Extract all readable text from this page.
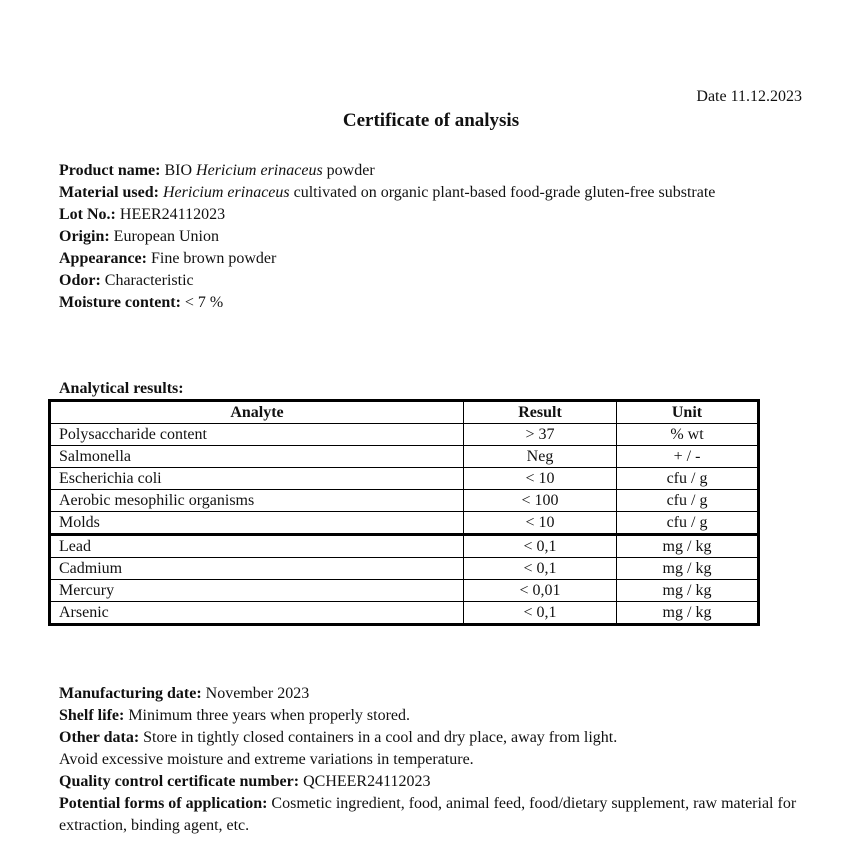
Date 11.12.2023
Certificate of analysis

Product name: BIO Hericium erinaceus powder

Material used: Hericium erinaceus cultivated on organic plant-based food-grade gluten-free substrate

Lot No.: HEER24112023

Origin: European Union

Appearance: Fine brown powder

Odor: Characteristic

Moisture content: < 7 %

Analytical results:
Analyte	Result	Unit
Polysaccharide content	> 37	% wt
Salmonella	Neg	+ / -
Escherichia coli	< 10	cfu / g
Aerobic mesophilic organisms	< 100	cfu / g
Molds	< 10	cfu / g
Lead	< 0,1	mg / kg
Cadmium	< 0,1	mg / kg
Mercury	< 0,01	mg / kg
Arsenic	< 0,1	mg / kg

Manufacturing date: November 2023

Shelf life: Minimum three years when properly stored.

Other data: Store in tightly closed containers in a cool and dry place, away from light.

Avoid excessive moisture and extreme variations in temperature.

Quality control certificate number: QCHEER24112023

Potential forms of application: Cosmetic ingredient, food, animal feed, food/dietary supplement, raw material for extraction, binding agent, etc.
